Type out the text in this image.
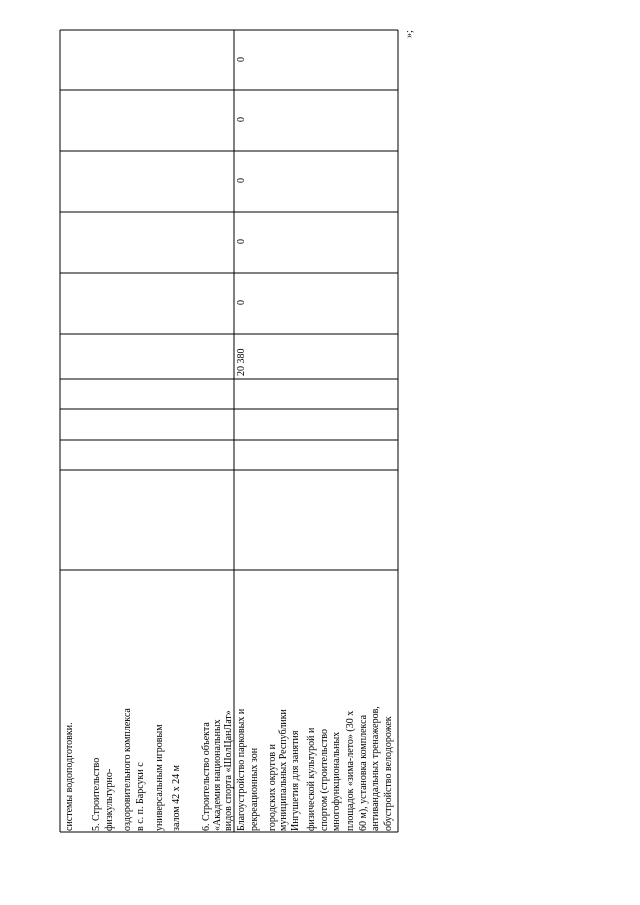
системы водоподготовки. 5. Строительство физкультурно- оздоровительного комплекса в с. п. Барсуки с универсальным игровым залом 42 х 24 м 6. Строительство объекта «Академия национальных видов спорта «ШолЦанЛат» Благоустройство парковых и рекреационных зон городских округов и муниципальных Республики Ингушетия для занятия физической культурой и спортом (строительство многофункциональных площадок «зима-лето» (30 х 60 м), установка комплекса антивандальных тренажеров, обустройство велодорожек
20 380
0
0
0
0
0
»;
